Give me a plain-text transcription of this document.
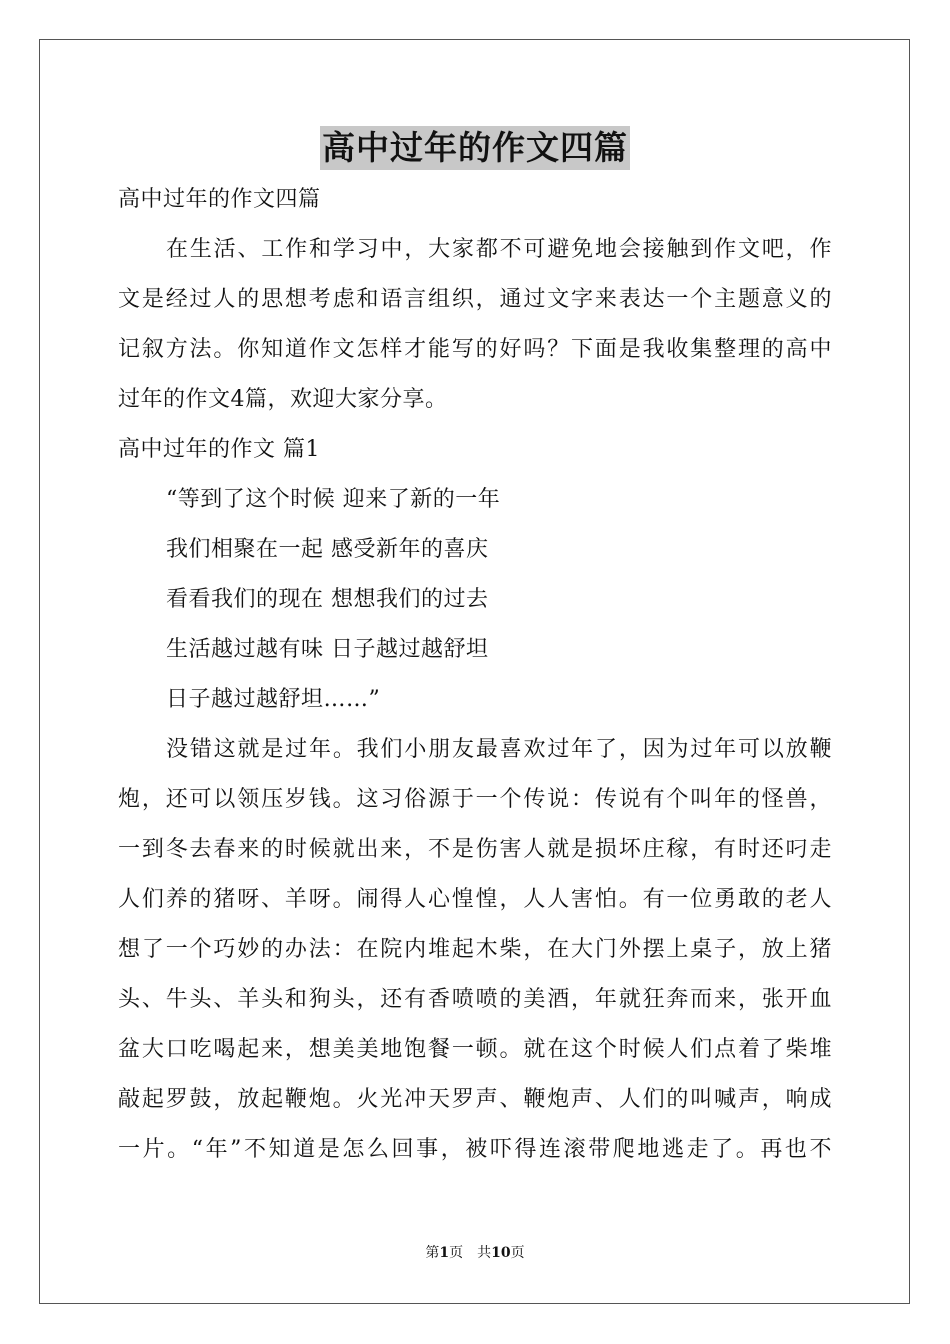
高中过年的作文四篇
高中过年的作文四篇
在生活、工作和学习中，大家都不可避免地会接触到作文吧，作
文是经过人的思想考虑和语言组织，通过文字来表达一个主题意义的
记叙方法。你知道作文怎样才能写的好吗？下面是我收集整理的高中
过年的作文4篇，欢迎大家分享。
高中过年的作文 篇1
“等到了这个时候 迎来了新的一年
我们相聚在一起 感受新年的喜庆
看看我们的现在 想想我们的过去
生活越过越有味 日子越过越舒坦
日子越过越舒坦……”
没错这就是过年。我们小朋友最喜欢过年了，因为过年可以放鞭
炮，还可以领压岁钱。这习俗源于一个传说：传说有个叫年的怪兽，
一到冬去春来的时候就出来，不是伤害人就是损坏庄稼，有时还叼走
人们养的猪呀、羊呀。闹得人心惶惶，人人害怕。有一位勇敢的老人
想了一个巧妙的办法：在院内堆起木柴，在大门外摆上桌子，放上猪
头、牛头、羊头和狗头，还有香喷喷的美酒，年就狂奔而来，张开血
盆大口吃喝起来，想美美地饱餐一顿。就在这个时候人们点着了柴堆
敲起罗鼓，放起鞭炮。火光冲天罗声、鞭炮声、人们的叫喊声，响成
一片。“年”不知道是怎么回事，被吓得连滚带爬地逃走了。再也不
第1页　共10页
